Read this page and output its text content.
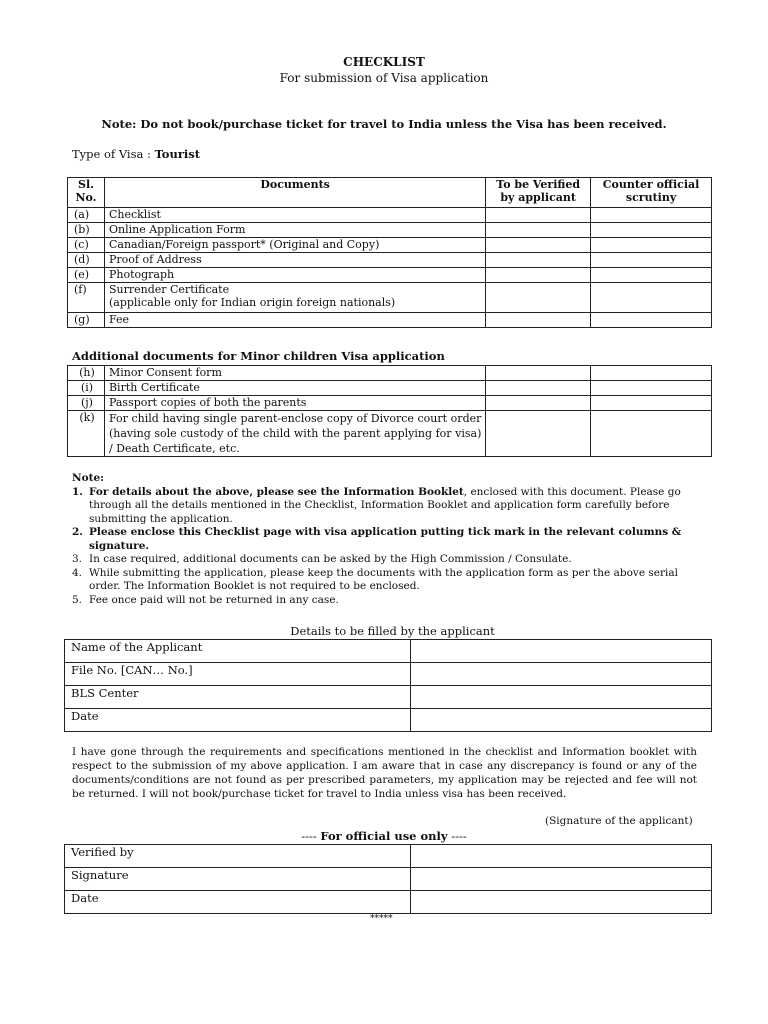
CHECKLIST
For submission of Visa application
Note: Do not book/purchase ticket for travel to India unless the Visa has been received.
Type of Visa : Tourist
Sl. No.	Documents	To be Verified by applicant	Counter official scrutiny
(a)	Checklist		
(b)	Online Application Form		
(c)	Canadian/Foreign passport* (Original and Copy)		
(d)	Proof of Address		
(e)	Photograph		
(f)	Surrender Certificate
(applicable only for Indian origin foreign nationals)		

(g)	Fee		
Additional documents for Minor children Visa application
(h)	Minor Consent form		
(i)	Birth Certificate		
(j)	Passport copies of both the parents		
(k)	For child having single parent-enclose copy of Divorce court order (having sole custody of the child with the parent applying for visa) / Death Certificate, etc.		
Note:
1. For details about the above, please see the Information Booklet, enclosed with this document. Please go through all the details mentioned in the Checklist, Information Booklet and application form carefully before submitting the application.
2. Please enclose this Checklist page with visa application putting tick mark in the relevant columns & signature.
3. In case required, additional documents can be asked by the High Commission / Consulate.
4. While submitting the application, please keep the documents with the application form as per the above serial order. The Information Booklet is not required to be enclosed.
5. Fee once paid will not be returned in any case.
Details to be filled by the applicant
Name of the Applicant	
File No. [CAN… No.]	
BLS Center	
Date	
I have gone through the requirements and specifications mentioned in the checklist and Information booklet with respect to the submission of my above application. I am aware that in case any discrepancy is found or any of the documents/conditions are not found as per prescribed parameters, my application may be rejected and fee will not be returned. I will not book/purchase ticket for travel to India unless visa has been received.
(Signature of the applicant)
---- For official use only ----
Verified by	
Signature	
Date	
*****
